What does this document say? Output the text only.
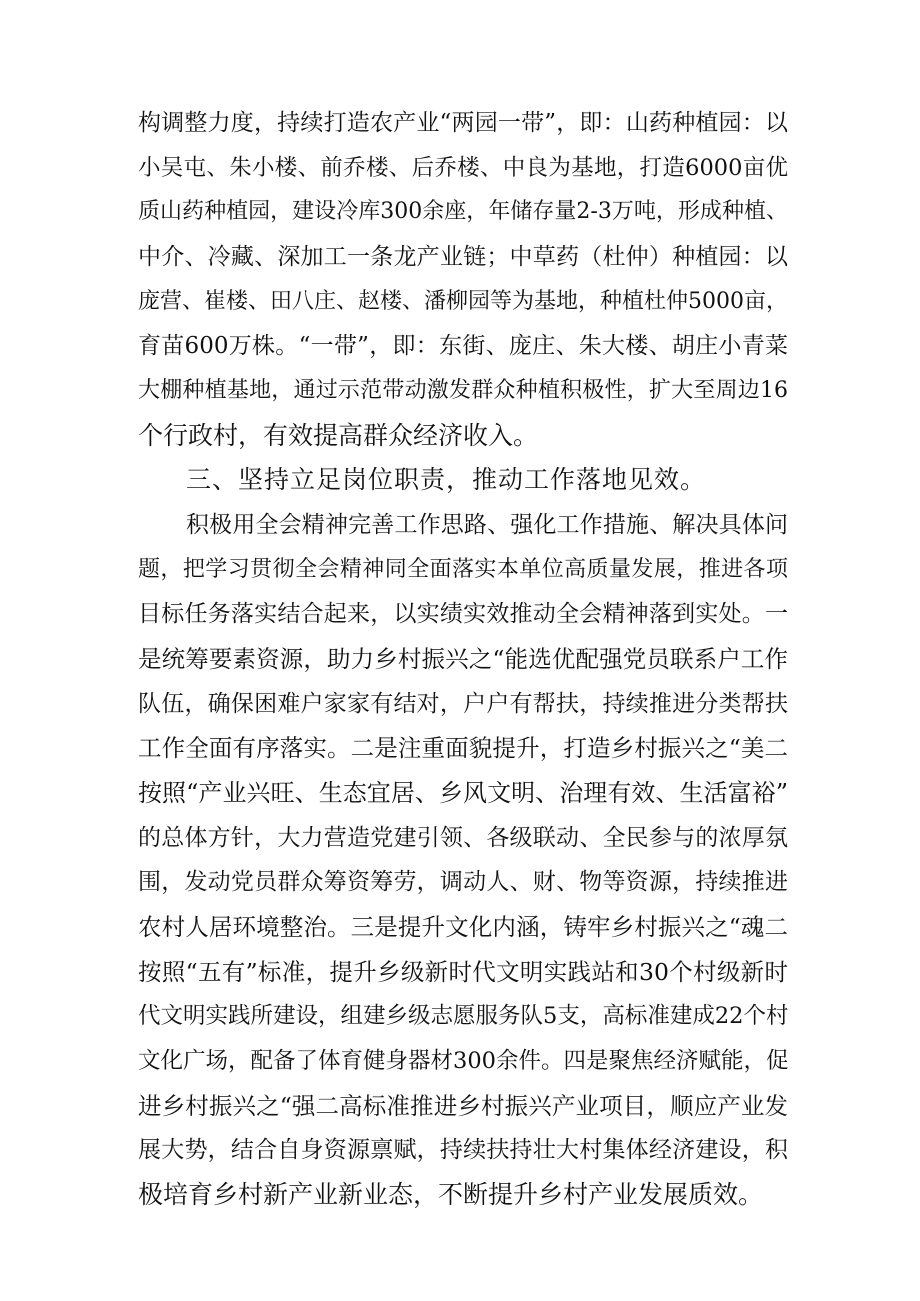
构调整力度，持续打造农产业“两园一带”，即：山药种植园：以
小吴屯、朱小楼、前乔楼、后乔楼、中良为基地，打造6000亩优
质山药种植园，建设冷库300余座，年储存量2-3万吨，形成种植、
中介、冷藏、深加工一条龙产业链；中草药（杜仲）种植园：以
庞营、崔楼、田八庄、赵楼、潘柳园等为基地，种植杜仲5000亩，
育苗600万株。“一带”，即：东街、庞庄、朱大楼、胡庄小青菜
大棚种植基地，通过示范带动激发群众种植积极性，扩大至周边16
个行政村，有效提高群众经济收入。
三、坚持立足岗位职责，推动工作落地见效。
积极用全会精神完善工作思路、强化工作措施、解决具体问
题，把学习贯彻全会精神同全面落实本单位高质量发展，推进各项
目标任务落实结合起来，以实绩实效推动全会精神落到实处。一
是统筹要素资源，助力乡村振兴之“能选优配强党员联系户工作
队伍，确保困难户家家有结对，户户有帮扶，持续推进分类帮扶
工作全面有序落实。二是注重面貌提升，打造乡村振兴之“美二
按照“产业兴旺、生态宜居、乡风文明、治理有效、生活富裕”
的总体方针，大力营造党建引领、各级联动、全民参与的浓厚氛
围，发动党员群众筹资筹劳，调动人、财、物等资源，持续推进
农村人居环境整治。三是提升文化内涵，铸牢乡村振兴之“魂二
按照“五有”标准，提升乡级新时代文明实践站和30个村级新时
代文明实践所建设，组建乡级志愿服务队5支，高标准建成22个村
文化广场，配备了体育健身器材300余件。四是聚焦经济赋能，促
进乡村振兴之“强二高标准推进乡村振兴产业项目，顺应产业发
展大势，结合自身资源禀赋，持续扶持壮大村集体经济建设，积
极培育乡村新产业新业态，不断提升乡村产业发展质效。
